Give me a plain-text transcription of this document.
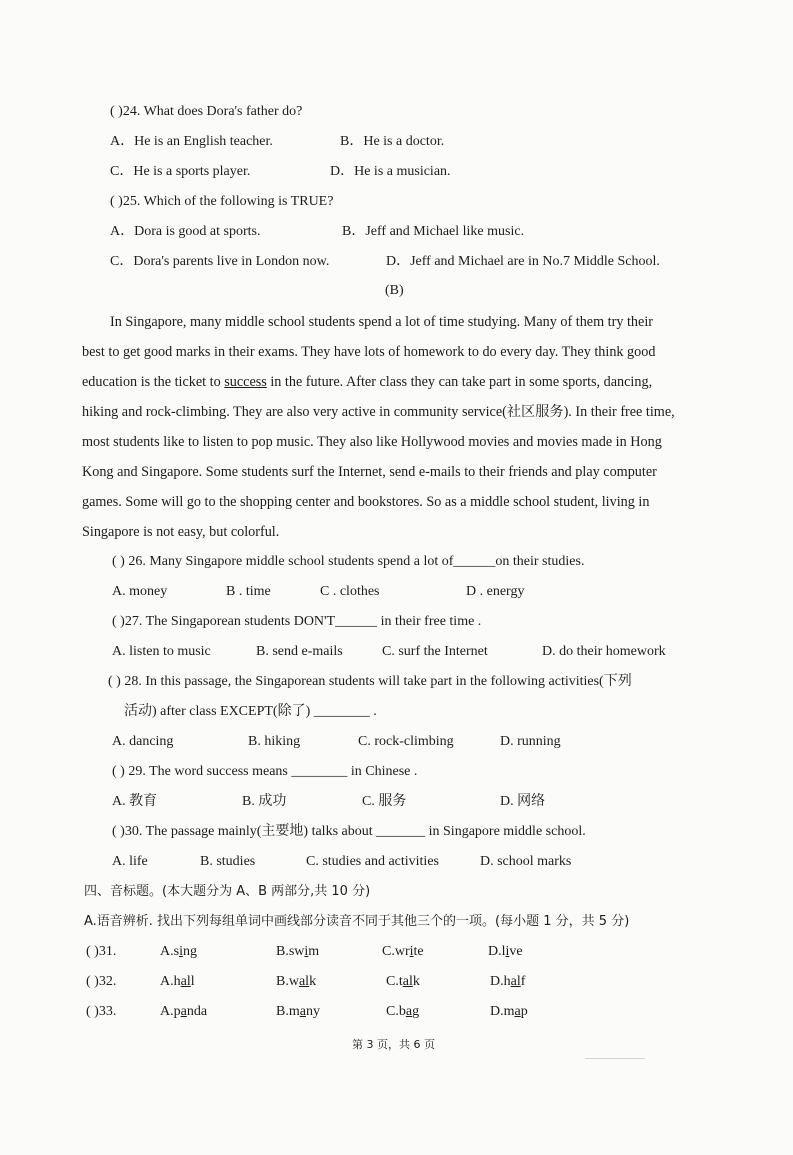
( )24. What does Dora's father do?
A．He is an English teacher.	B．He is a doctor.
C．He is a sports player.	D．He is a musician.
( )25. Which of the following is TRUE?
A．Dora is good at sports.	B．Jeff and Michael like music.
C．Dora's parents live in London now.	D．Jeff and Michael are in No.7 Middle School.
(B)
In Singapore, many middle school students spend a lot of time studying. Many of them try their
best to get good marks in their exams. They have lots of homework to do every day. They think good
education is the ticket to success in the future. After class they can take part in some sports, dancing,
hiking and rock-climbing. They are also very active in community service(社区服务). In their free time,
most students like to listen to pop music. They also like Hollywood movies and movies made in Hong
Kong and Singapore. Some students surf the Internet, send e-mails to their friends and play computer
games. Some will go to the shopping center and bookstores. So as a middle school student, living in
Singapore is not easy, but colorful.
( ) 26. Many Singapore middle school students spend a lot of______on their studies.
A. money	B . time	C . clothes	D . energy
( )27. The Singaporean students DON'T______ in their free time .
A. listen to music	B. send e-mails	C. surf the Internet	D. do their homework
( ) 28. In this passage, the Singaporean students will take part in the following activities(下列
活动) after class EXCEPT(除了) ________ .
A. dancing	B. hiking	C. rock-climbing	D. running
( ) 29. The word success means ________ in Chinese .
A. 教育	B. 成功	C. 服务	D. 网络
( )30. The passage mainly(主要地) talks about _______ in Singapore middle school.
A. life	B. studies	C. studies and activities	D. school marks
四、音标题。(本大题分为 A、B 两部分,共 10 分)
A.语音辨析. 找出下列每组单词中画线部分读音不同于其他三个的一项。(每小题 1 分，共 5 分)
( )31.	A.sing	B.swim	C.write	D.live
( )32.	A.hall	B.walk	C.talk	D.half
( )33.	A.panda	B.many	C.bag	D.map
第 3 页，共 6 页
